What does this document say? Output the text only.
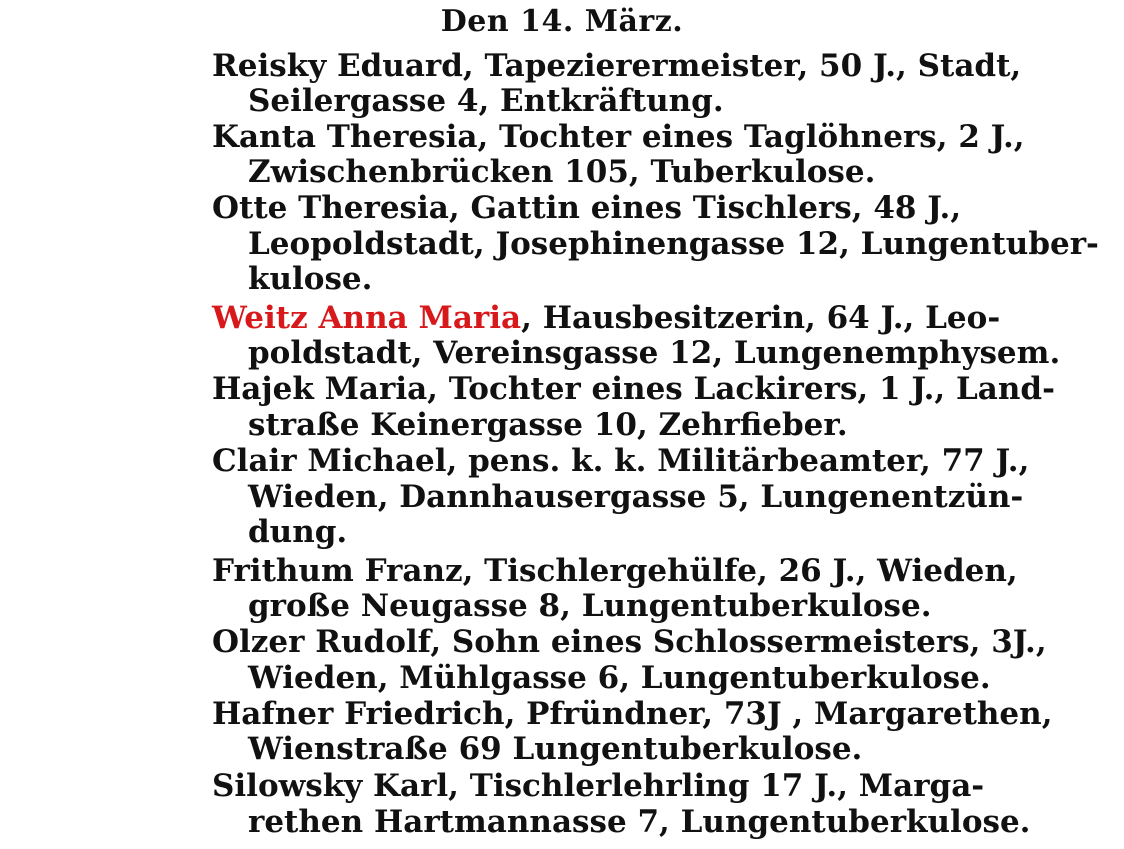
Den 14. März.
Reisky Eduard, Tapezierermeister, 50 J., Stadt,
Seilergasse 4, Entkräftung.
Kanta Theresia, Tochter eines Taglöhners, 2 J.,
Zwischenbrücken 105, Tuberkulose.
Otte Theresia, Gattin eines Tischlers, 48 J.,
Leopoldstadt, Josephinengasse 12, Lungentuber-
kulose.
Weitz Anna Maria, Hausbesitzerin, 64 J., Leo-
poldstadt, Vereinsgasse 12, Lungenemphysem.
Hajek Maria, Tochter eines Lackirers, 1 J., Land-
straße Keinergasse 10, Zehrfieber.
Clair Michael, pens. k. k. Militärbeamter, 77 J.,
Wieden, Dannhausergasse 5, Lungenentzün-
dung.
Frithum Franz, Tischlergehülfe, 26 J., Wieden,
große Neugasse 8, Lungentuberkulose.
Olzer Rudolf, Sohn eines Schlossermeisters, 3J.,
Wieden, Mühlgasse 6, Lungentuberkulose.
Hafner Friedrich, Pfründner, 73J , Margarethen,
Wienstraße 69 Lungentuberkulose.
Silowsky Karl, Tischlerlehrling 17 J., Marga-
rethen Hartmannasse 7, Lungentuberkulose.
